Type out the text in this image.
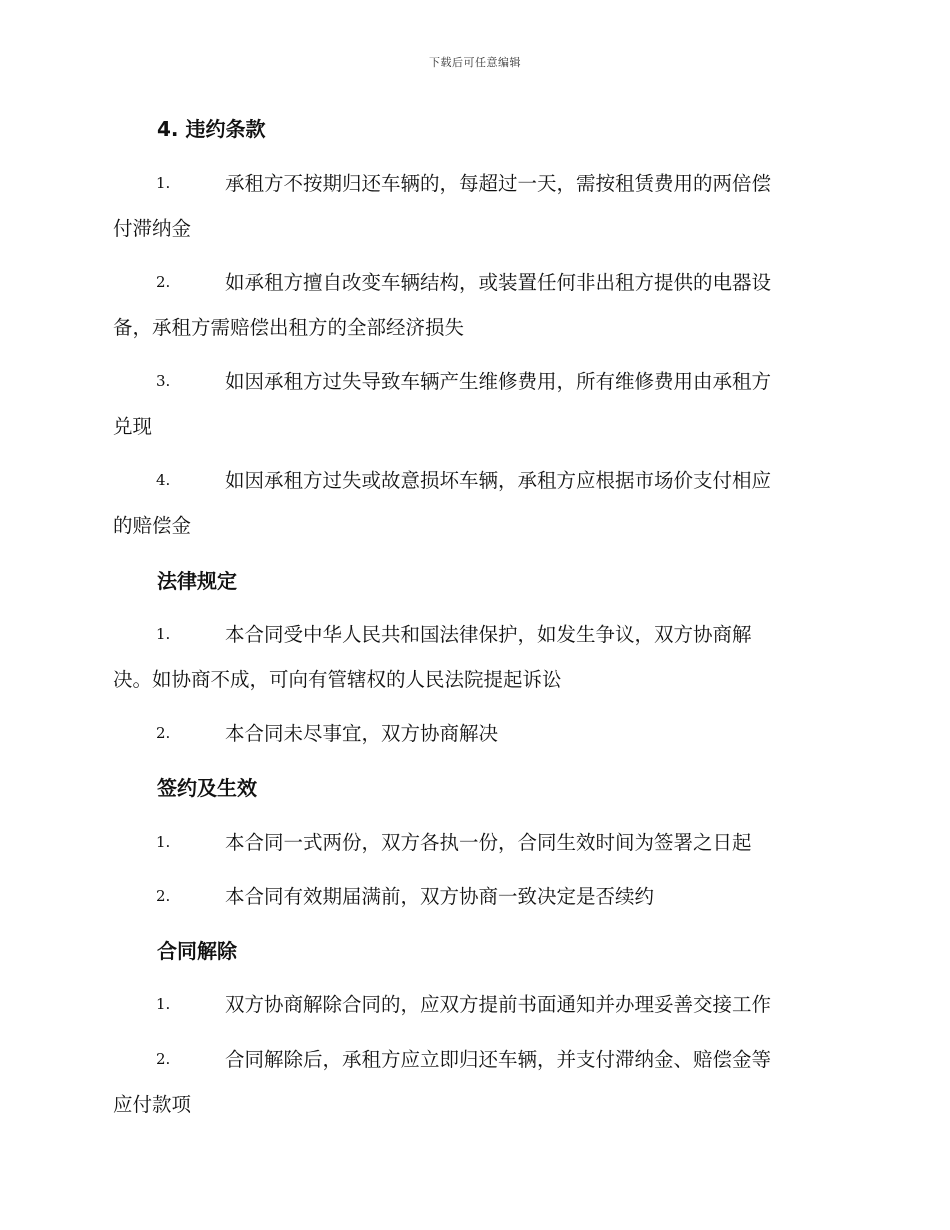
下载后可任意编辑
4. 违约条款
1.	承租方不按期归还车辆的，每超过一天，需按租赁费用的两倍偿
付滞纳金
2.	如承租方擅自改变车辆结构，或装置任何非出租方提供的电器设
备，承租方需赔偿出租方的全部经济损失
3.	如因承租方过失导致车辆产生维修费用，所有维修费用由承租方
兑现
4.	如因承租方过失或故意损坏车辆，承租方应根据市场价支付相应
的赔偿金
法律规定
1.	本合同受中华人民共和国法律保护，如发生争议，双方协商解
决。如协商不成，可向有管辖权的人民法院提起诉讼
2.	本合同未尽事宜，双方协商解决
签约及生效
1.	本合同一式两份，双方各执一份，合同生效时间为签署之日起
2.	本合同有效期届满前，双方协商一致决定是否续约
合同解除
1.	双方协商解除合同的，应双方提前书面通知并办理妥善交接工作
2.	合同解除后，承租方应立即归还车辆，并支付滞纳金、赔偿金等
应付款项
